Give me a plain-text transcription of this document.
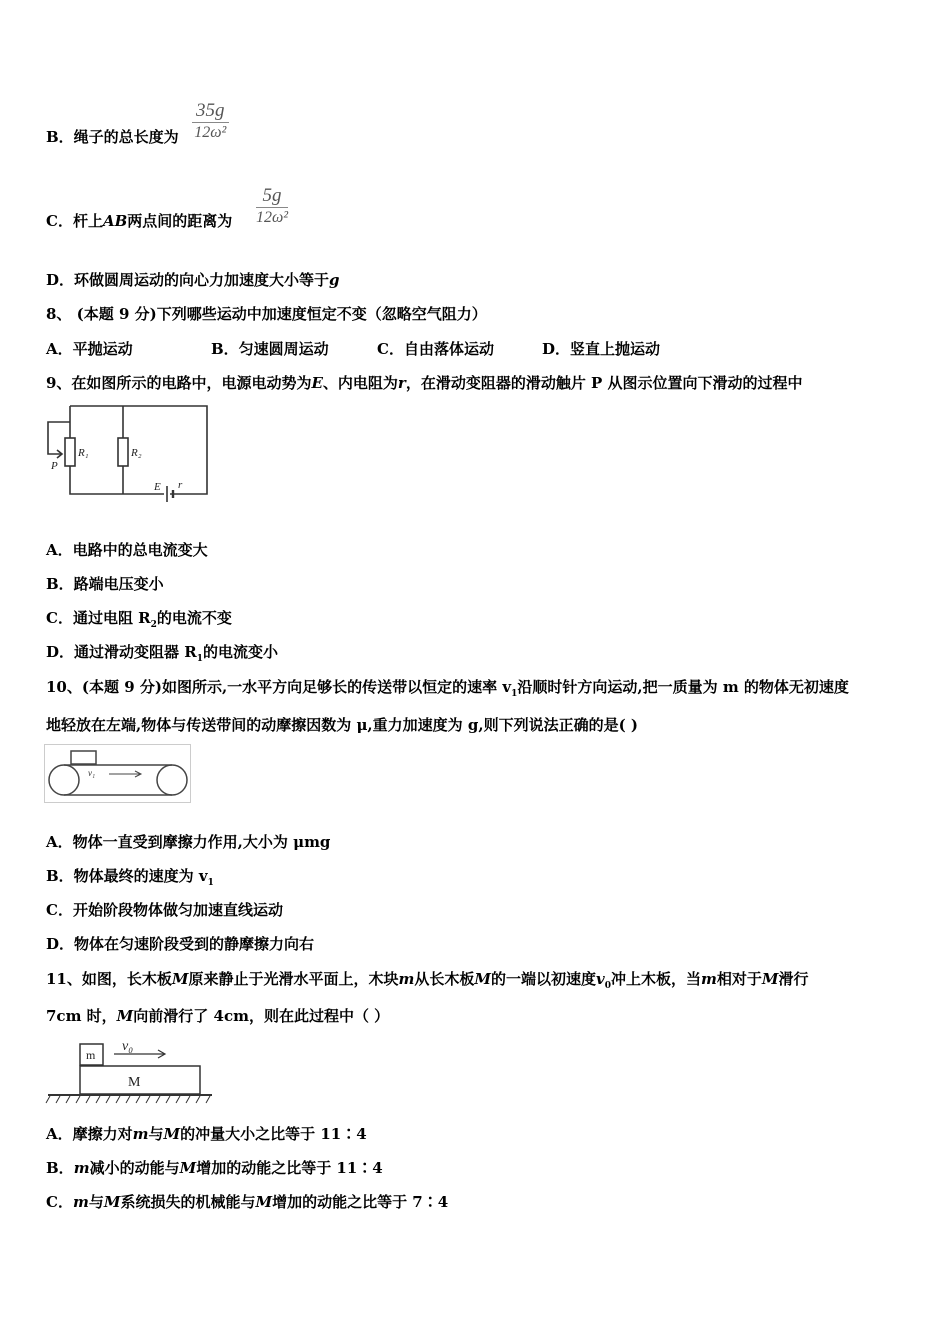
B．绳子的总长度为
35g
12ω²
C．杆上AB两点间的距离为
5g
12ω²
D．环做圆周运动的向心力加速度大小等于g
8、 (本题 9 分)下列哪些运动中加速度恒定不变（忽略空气阻力）
A．平抛运动	B．匀速圆周运动	C．自由落体运动	D．竖直上抛运动
9、在如图所示的电路中，电源电动势为E、内电阻为r，在滑动变阻器的滑动触片 P 从图示位置向下滑动的过程中
P
R₁	R₂
E r
A．电路中的总电流变大
B．路端电压变小
C．通过电阻 $R_2$的电流不变
D．通过滑动变阻器 $R_1$的电流变小
10、(本题 9 分)如图所示,一水平方向足够长的传送带以恒定的速率 $v_1$沿顺时针方向运动,把一质量为 m 的物体无初速度
地轻放在左端,物体与传送带间的动摩擦因数为 μ,重力加速度为 g,则下列说法正确的是( )
v₁
A．物体一直受到摩擦力作用,大小为 μmg
B．物体最终的速度为 $v_1$
C．开始阶段物体做匀加速直线运动
D．物体在匀速阶段受到的静摩擦力向右
11、如图，长木板M原来静止于光滑水平面上，木块m从长木板M的一端以初速度$v_0$冲上木板，当m相对于M滑行
7cm 时，M向前滑行了 4cm，则在此过程中（ ）
m
M
v₀
A．摩擦力对m与M的冲量大小之比等于 11∶4
B．m减小的动能与M增加的动能之比等于 11∶4
C．m与M系统损失的机械能与M增加的动能之比等于 7∶4
